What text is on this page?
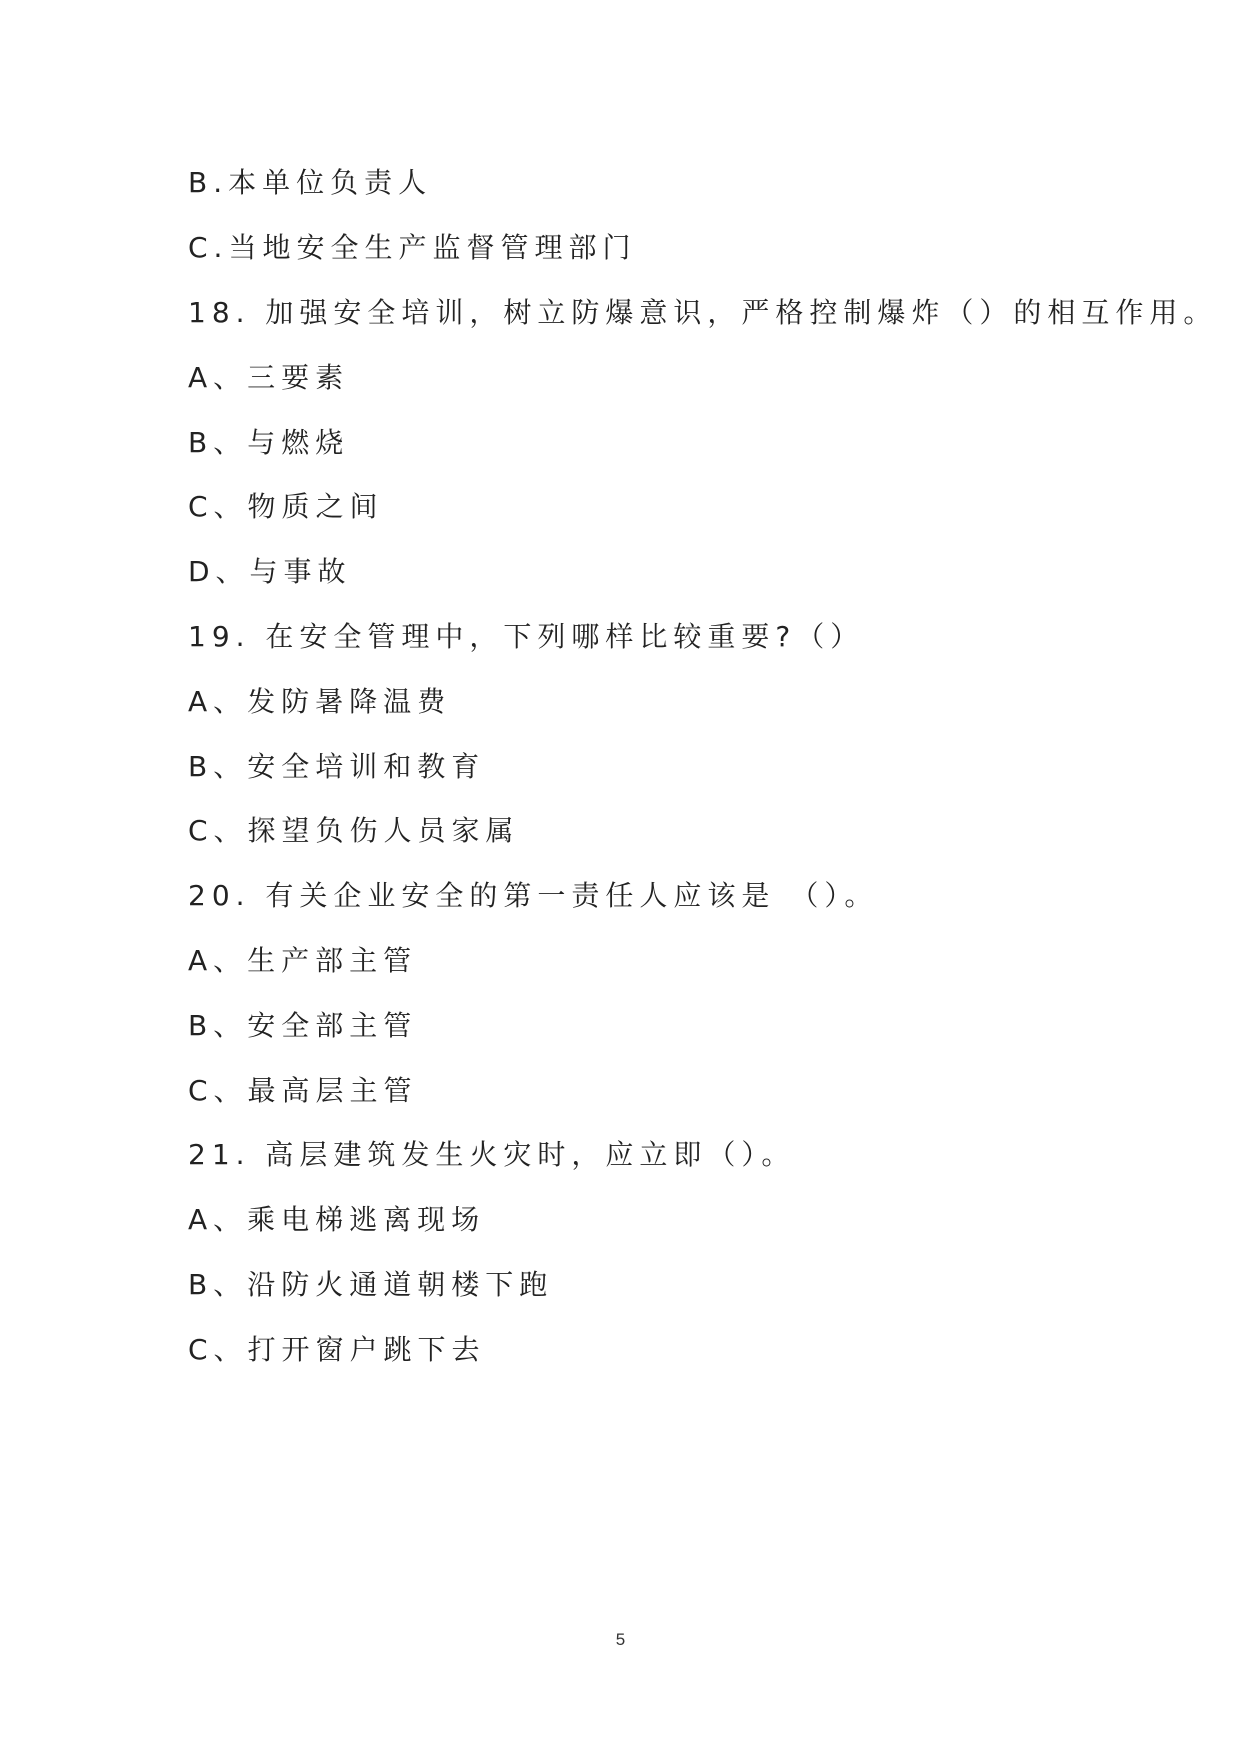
B.本单位负责人
C.当地安全生产监督管理部门
18. 加强安全培训，树立防爆意识，严格控制爆炸（）的相互作用。
A、三要素
B、与燃烧
C、物质之间
D、与事故
19. 在安全管理中，下列哪样比较重要?（）
A、发防暑降温费
B、安全培训和教育
C、探望负伤人员家属
20. 有关企业安全的第一责任人应该是 （）。
A、生产部主管
B、安全部主管
C、最高层主管
21. 高层建筑发生火灾时，应立即（）。
A、乘电梯逃离现场
B、沿防火通道朝楼下跑
C、打开窗户跳下去
5
